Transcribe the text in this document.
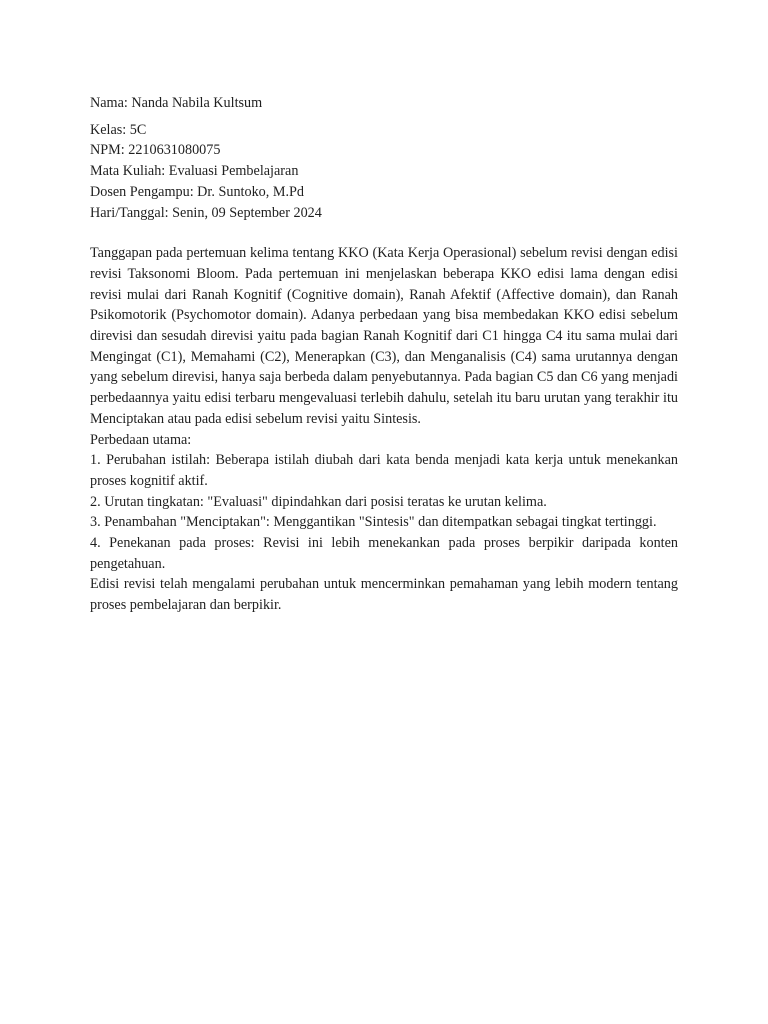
Nama: Nanda Nabila Kultsum
Kelas: 5C
NPM: 2210631080075
Mata Kuliah: Evaluasi Pembelajaran
Dosen Pengampu: Dr. Suntoko, M.Pd
Hari/Tanggal: Senin, 09 September 2024

Tanggapan pada pertemuan kelima tentang KKO (Kata Kerja Operasional) sebelum revisi dengan edisi revisi Taksonomi Bloom. Pada pertemuan ini menjelaskan beberapa KKO edisi lama dengan edisi revisi mulai dari Ranah Kognitif (Cognitive domain), Ranah Afektif (Affective domain), dan Ranah Psikomotorik (Psychomotor domain). Adanya perbedaan yang bisa membedakan KKO edisi sebelum direvisi dan sesudah direvisi yaitu pada bagian Ranah Kognitif dari C1 hingga C4 itu sama mulai dari Mengingat (C1), Memahami (C2), Menerapkan (C3), dan Menganalisis (C4) sama urutannya dengan yang sebelum direvisi, hanya saja berbeda dalam penyebutannya. Pada bagian C5 dan C6 yang menjadi perbedaannya yaitu edisi terbaru mengevaluasi terlebih dahulu, setelah itu baru urutan yang terakhir itu Menciptakan atau pada edisi sebelum revisi yaitu Sintesis.

Perbedaan utama:

1. Perubahan istilah: Beberapa istilah diubah dari kata benda menjadi kata kerja untuk menekankan proses kognitif aktif.

2. Urutan tingkatan: "Evaluasi" dipindahkan dari posisi teratas ke urutan kelima.

3. Penambahan "Menciptakan": Menggantikan "Sintesis" dan ditempatkan sebagai tingkat tertinggi.

4. Penekanan pada proses: Revisi ini lebih menekankan pada proses berpikir daripada konten pengetahuan.

Edisi revisi telah mengalami perubahan untuk mencerminkan pemahaman yang lebih modern tentang proses pembelajaran dan berpikir.
